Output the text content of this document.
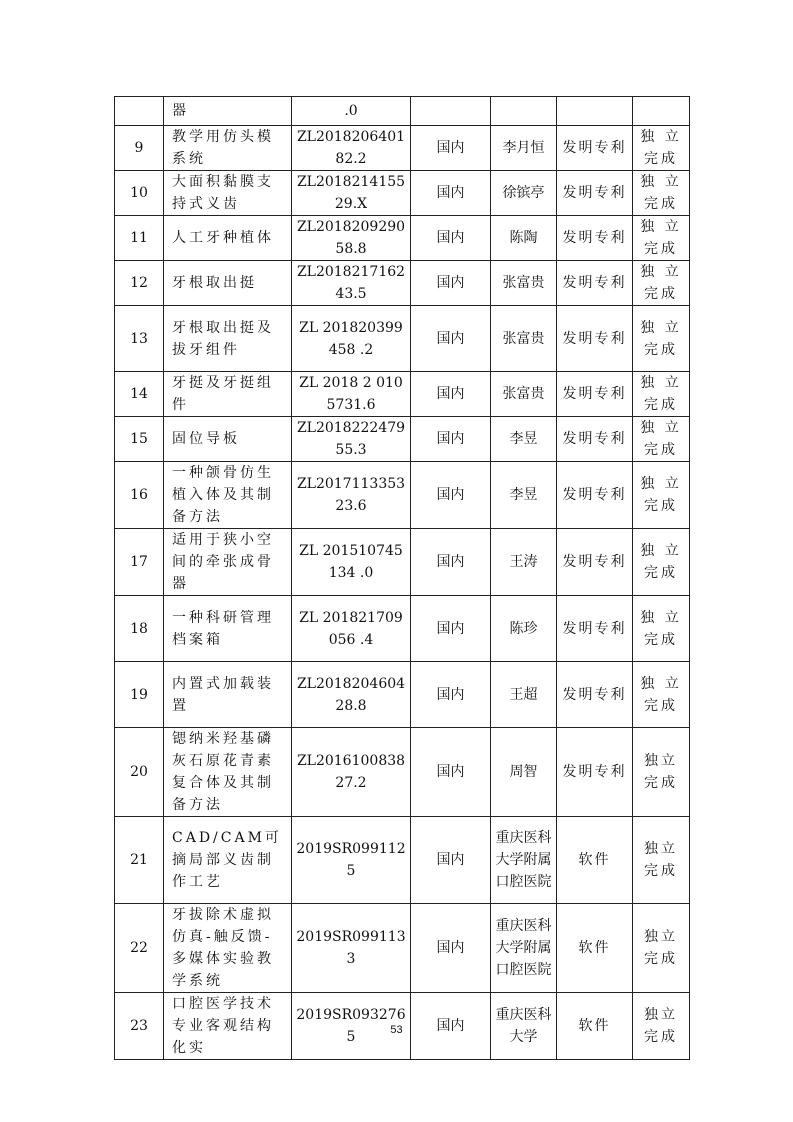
	器	.0				
9	教学用仿头模系统	ZL201820640182.2	国内	李月恒	发明专利	独 立完成
10	大面积黏膜支持式义齿	ZL201821415529.X	国内	徐镔亭	发明专利	独 立完成
11	人工牙种植体	ZL201820929058.8	国内	陈陶	发明专利	独 立完成
12	牙根取出挺	ZL201821716243.5	国内	张富贵	发明专利	独 立完成
13	牙根取出挺及拔牙组件	ZL 201820399458 .2	国内	张富贵	发明专利	独 立完成
14	牙挺及牙挺组件	ZL 2018 2 0105731.6	国内	张富贵	发明专利	独 立完成
15	固位导板	ZL201822247955.3	国内	李昱	发明专利	独 立完成
16	一种颌骨仿生植入体及其制备方法	ZL201711335323.6	国内	李昱	发明专利	独 立完成
17	适用于狭小空间的牵张成骨器	ZL 201510745134 .0	国内	王涛	发明专利	独 立完成
18	一种科研管理档案箱	ZL 201821709056 .4	国内	陈珍	发明专利	独 立完成
19	内置式加载装置	ZL201820460428.8	国内	王超	发明专利	独 立完成
20	锶纳米羟基磷灰石原花青素复合体及其制备方法	ZL201610083827.2	国内	周智	发明专利	独立完成
21	CAD/CAM可摘局部义齿制作工艺	2019SR0991125	国内	重庆医科大学附属口腔医院	软件	独立完成
22	牙拔除术虚拟仿真-触反馈-多媒体实验教学系统	2019SR0991133	国内	重庆医科大学附属口腔医院	软件	独立完成
23	口腔医学技术专业客观结构化实	2019SR0932765	国内	重庆医科大学	软件	独立完成
53
